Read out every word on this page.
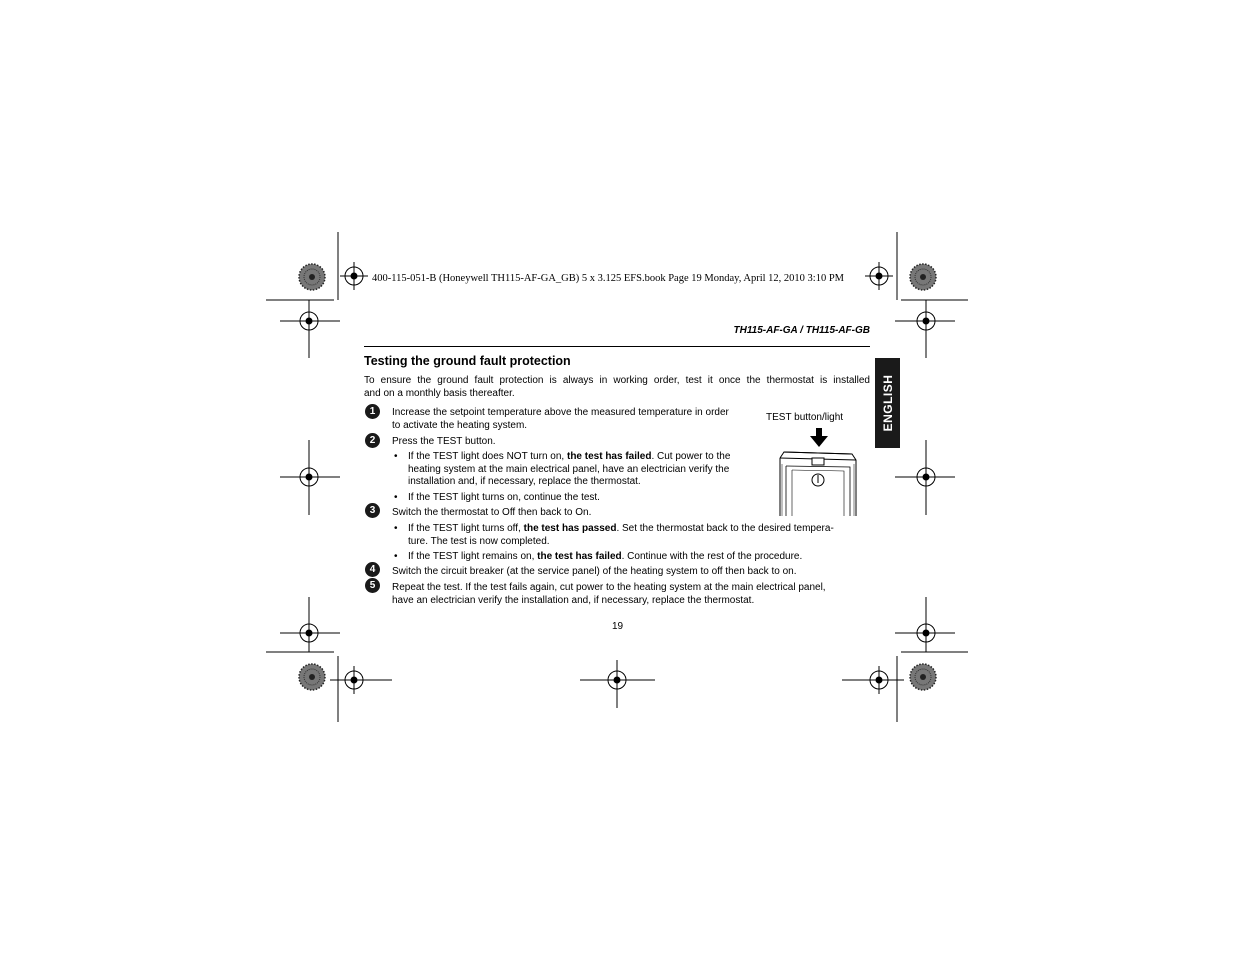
400-115-051-B (Honeywell TH115-AF-GA_GB) 5 x 3.125 EFS.book Page 19 Monday, April 12, 2010 3:10 PM
TH115-AF-GA / TH115-AF-GB
ENGLISH
Testing the ground fault protection
To ensure the ground fault protection is always in working order, test it once the thermostat is installed
and on a monthly basis thereafter.
1	Increase the setpoint temperature above the measured temperature in order
to activate the heating system.
2	Press the TEST button.
• If the TEST light does NOT turn on, the test has failed. Cut power to the
heating system at the main electrical panel, have an electrician verify the
installation and, if necessary, replace the thermostat.
• If the TEST light turns on, continue the test.
3	Switch the thermostat to Off then back to On.
• If the TEST light turns off, the test has passed. Set the thermostat back to the desired tempera-
ture. The test is now completed.
• If the TEST light remains on, the test has failed. Continue with the rest of the procedure.
4	Switch the circuit breaker (at the service panel) of the heating system to off then back to on.
5	Repeat the test. If the test fails again, cut power to the heating system at the main electrical panel,
have an electrician verify the installation and, if necessary, replace the thermostat.
TEST button/light
19
